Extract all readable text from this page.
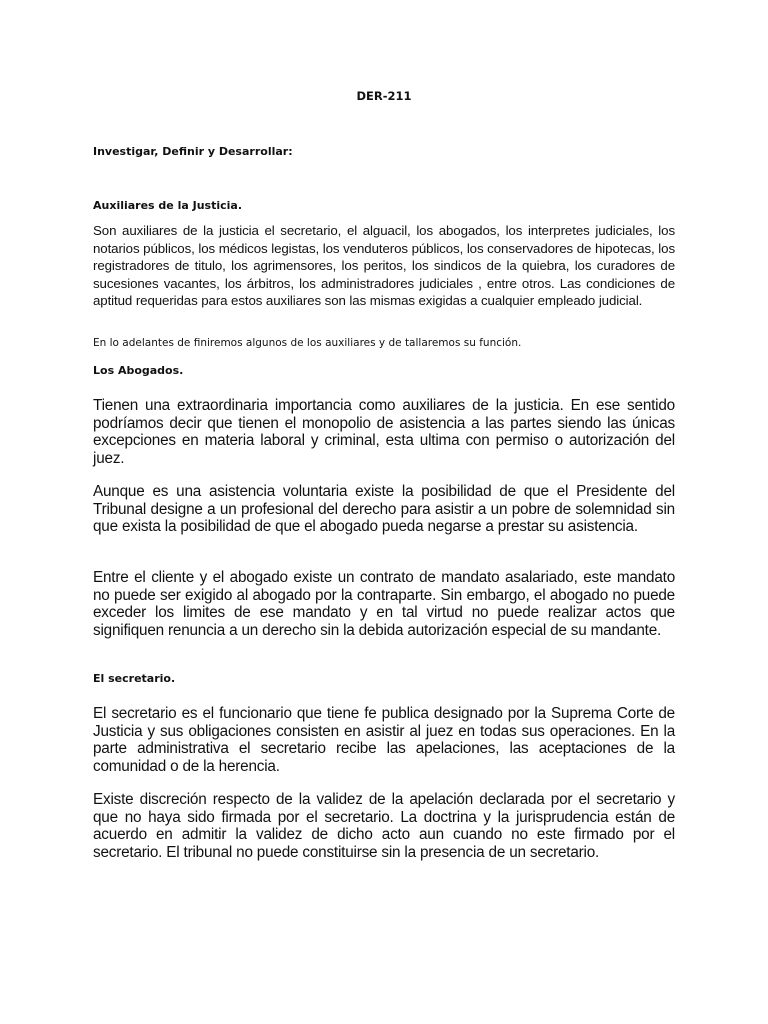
DER-211

Investigar, Definir y Desarrollar:

Auxiliares de la Justicia.

Son auxiliares de la justicia el secretario, el alguacil, los abogados, los interpretes judiciales, los notarios públicos, los médicos legistas, los venduteros públicos, los conservadores de hipotecas, los registradores de titulo, los agrimensores, los peritos, los sindicos de la quiebra, los curadores de sucesiones vacantes, los árbitros, los administradores judiciales , entre otros. Las condiciones de aptitud requeridas para estos auxiliares son las mismas exigidas a cualquier empleado judicial.

En lo adelantes de finiremos algunos de los auxiliares y de tallaremos su función.

Los Abogados.

Tienen una extraordinaria importancia como auxiliares de la justicia. En ese sentido podríamos decir que tienen el monopolio de asistencia a las partes siendo las únicas excepciones en materia laboral y criminal, esta ultima con permiso o autorización del juez.

Aunque es una asistencia voluntaria existe la posibilidad de que el Presidente del Tribunal designe a un profesional del derecho para asistir a un pobre de solemnidad sin que exista la posibilidad de que el abogado pueda negarse a prestar su asistencia.

Entre el cliente y el abogado existe un contrato de mandato asalariado, este mandato no puede ser exigido al abogado por la contraparte. Sin embargo, el abogado no puede exceder los limites de ese mandato y en tal virtud no puede realizar actos que signifiquen renuncia a un derecho sin la debida autorización especial de su mandante.

El secretario.

El secretario es el funcionario que tiene fe publica designado por la Suprema Corte de Justicia y sus obligaciones consisten en asistir al juez en todas sus operaciones. En la parte administrativa el secretario recibe las apelaciones, las aceptaciones de la comunidad o de la herencia.

Existe discreción respecto de la validez de la apelación declarada por el secretario y que no haya sido firmada por el secretario. La doctrina y la jurisprudencia están de acuerdo en admitir la validez de dicho acto aun cuando no este firmado por el secretario. El tribunal no puede constituirse sin la presencia de un secretario.
